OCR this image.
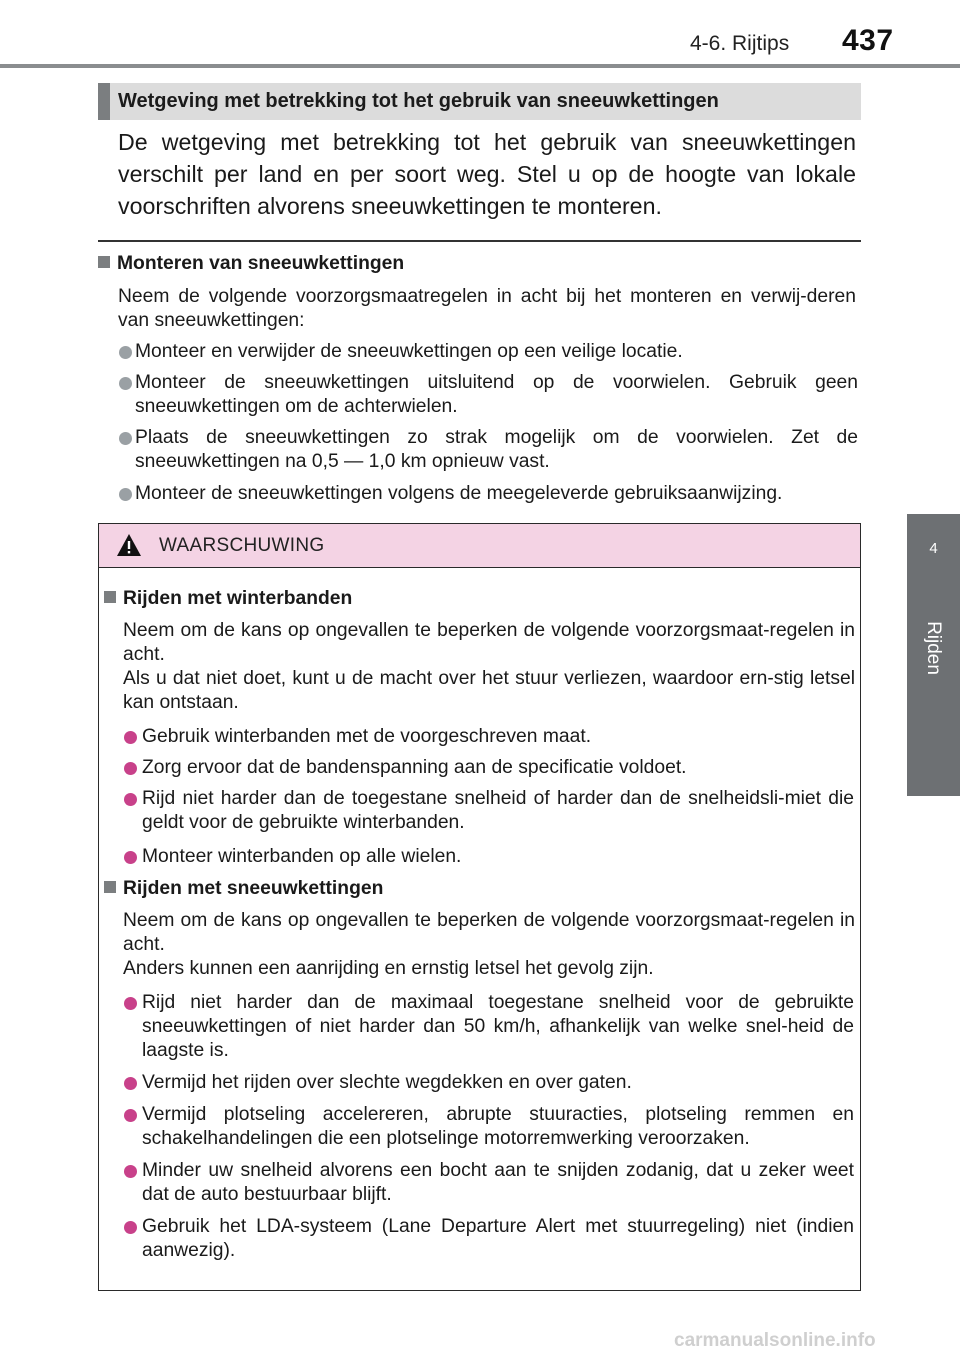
4-6. Rijtips 437
4
Rijden
Wetgeving met betrekking tot het gebruik van sneeuwkettingen

De wetgeving met betrekking tot het gebruik van sneeuwkettingen verschilt per land en per soort weg. Stel u op de hoogte van lokale voorschriften alvorens sneeuwkettingen te monteren.

Monteren van sneeuwkettingen

Neem de volgende voorzorgsmaatregelen in acht bij het monteren en verwij-deren van sneeuwkettingen:

Monteer en verwijder de sneeuwkettingen op een veilige locatie.
Monteer de sneeuwkettingen uitsluitend op de voorwielen. Gebruik geen sneeuwkettingen om de achterwielen.
Plaats de sneeuwkettingen zo strak mogelijk om de voorwielen. Zet de sneeuwkettingen na 0,5 — 1,0 km opnieuw vast.
Monteer de sneeuwkettingen volgens de meegeleverde gebruiksaanwijzing.
WAARSCHUWING
Rijden met winterbanden

Neem om de kans op ongevallen te beperken de volgende voorzorgsmaat-regelen in acht.

Als u dat niet doet, kunt u de macht over het stuur verliezen, waardoor ern-stig letsel kan ontstaan.

Gebruik winterbanden met de voorgeschreven maat.
Zorg ervoor dat de bandenspanning aan de specificatie voldoet.
Rijd niet harder dan de toegestane snelheid of harder dan de snelheidsli-miet die geldt voor de gebruikte winterbanden.
Monteer winterbanden op alle wielen.
Rijden met sneeuwkettingen

Neem om de kans op ongevallen te beperken de volgende voorzorgsmaat-regelen in acht.

Anders kunnen een aanrijding en ernstig letsel het gevolg zijn.

Rijd niet harder dan de maximaal toegestane snelheid voor de gebruikte sneeuwkettingen of niet harder dan 50 km/h, afhankelijk van welke snel-heid de laagste is.
Vermijd het rijden over slechte wegdekken en over gaten.
Vermijd plotseling accelereren, abrupte stuuracties, plotseling remmen en schakelhandelingen die een plotselinge motorremwerking veroorzaken.
Minder uw snelheid alvorens een bocht aan te snijden zodanig, dat u zeker weet dat de auto bestuurbaar blijft.
Gebruik het LDA-systeem (Lane Departure Alert met stuurregeling) niet (indien aanwezig).
carmanualsonline.info
